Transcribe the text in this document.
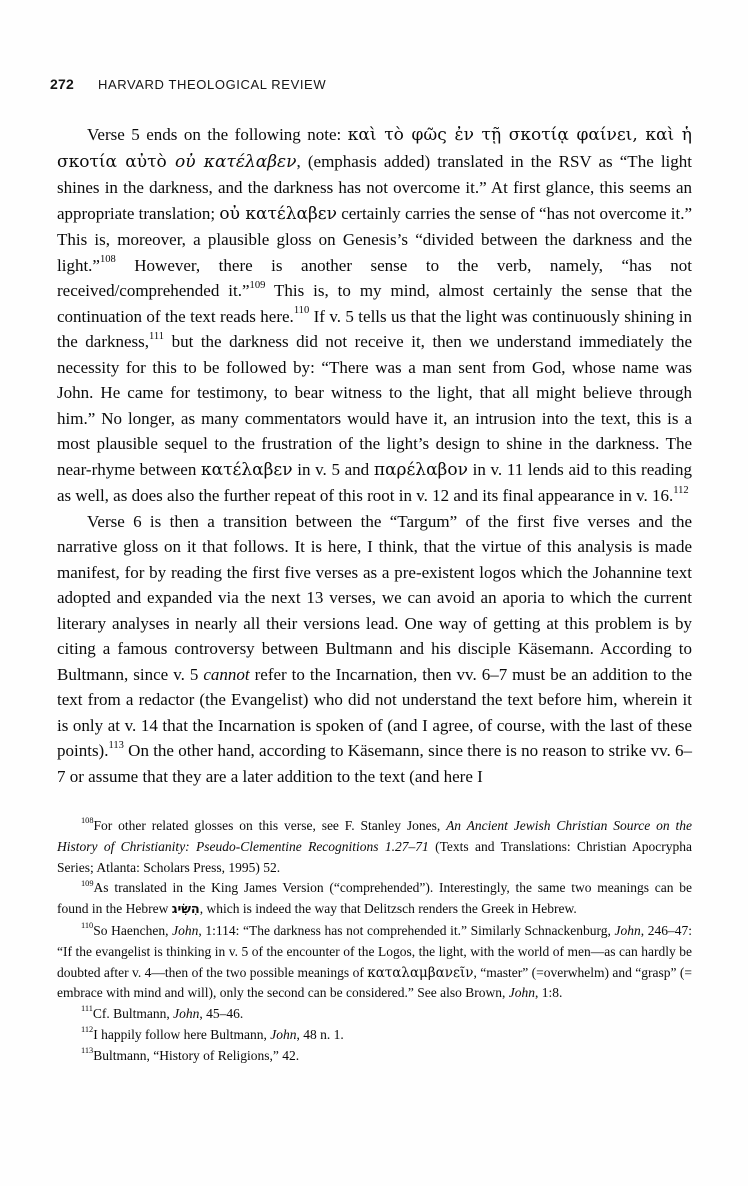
272 HARVARD THEOLOGICAL REVIEW

Verse 5 ends on the following note: καὶ τὸ φῶς ἐν τῇ σκοτίᾳ φαίνει, καὶ ἡ σκοτία αὐτὸ οὐ κατέλαβεν, (emphasis added) translated in the RSV as “The light shines in the darkness, and the darkness has not overcome it.” At first glance, this seems an appropriate translation; οὐ κατέλαβεν certainly carries the sense of “has not overcome it.” This is, moreover, a plausible gloss on Genesis’s “divided between the darkness and the light.”$^{108}$ However, there is another sense to the verb, namely, “has not received/comprehended it.”$^{109}$ This is, to my mind, almost certainly the sense that the continuation of the text reads here.$^{110}$ If v. 5 tells us that the light was continuously shining in the darkness,$^{111}$ but the darkness did not receive it, then we understand immediately the necessity for this to be followed by: “There was a man sent from God, whose name was John. He came for testimony, to bear witness to the light, that all might believe through him.” No longer, as many commentators would have it, an intrusion into the text, this is a most plausible sequel to the frustration of the light’s design to shine in the darkness. The near-rhyme between κατέλαβεν in v. 5 and παρέλαβον in v. 11 lends aid to this reading as well, as does also the further repeat of this root in v. 12 and its final appearance in v. 16.$^{112}$

Verse 6 is then a transition between the “Targum” of the first five verses and the narrative gloss on it that follows. It is here, I think, that the virtue of this analysis is made manifest, for by reading the first five verses as a pre-existent logos which the Johannine text adopted and expanded via the next 13 verses, we can avoid an aporia to which the current literary analyses in nearly all their versions lead. One way of getting at this problem is by citing a famous controversy between Bultmann and his disciple Käsemann. According to Bultmann, since v. 5 cannot refer to the Incarnation, then vv. 6–7 must be an addition to the text from a redactor (the Evangelist) who did not understand the text before him, wherein it is only at v. 14 that the Incarnation is spoken of (and I agree, of course, with the last of these points).$^{113}$ On the other hand, according to Käsemann, since there is no reason to strike vv. 6–7 or assume that they are a later addition to the text (and here I

$^{108}$For other related glosses on this verse, see F. Stanley Jones, An Ancient Jewish Christian Source on the History of Christianity: Pseudo-Clementine Recognitions 1.27–71 (Texts and Translations: Christian Apocrypha Series; Atlanta: Scholars Press, 1995) 52.

$^{109}$As translated in the King James Version (“comprehended”). Interestingly, the same two meanings can be found in the Hebrew הִשִּׂיג, which is indeed the way that Delitzsch renders the Greek in Hebrew.

$^{110}$So Haenchen, John, 1:114: “The darkness has not comprehended it.” Similarly Schnackenburg, John, 246–47: “If the evangelist is thinking in v. 5 of the encounter of the Logos, the light, with the world of men—as can hardly be doubted after v. 4—then of the two possible meanings of καταλαμβανεῖν, “master” (=overwhelm) and “grasp” (= embrace with mind and will), only the second can be considered.” See also Brown, John, 1:8.

$^{111}$Cf. Bultmann, John, 45–46.

$^{112}$I happily follow here Bultmann, John, 48 n. 1.

$^{113}$Bultmann, “History of Religions,” 42.
